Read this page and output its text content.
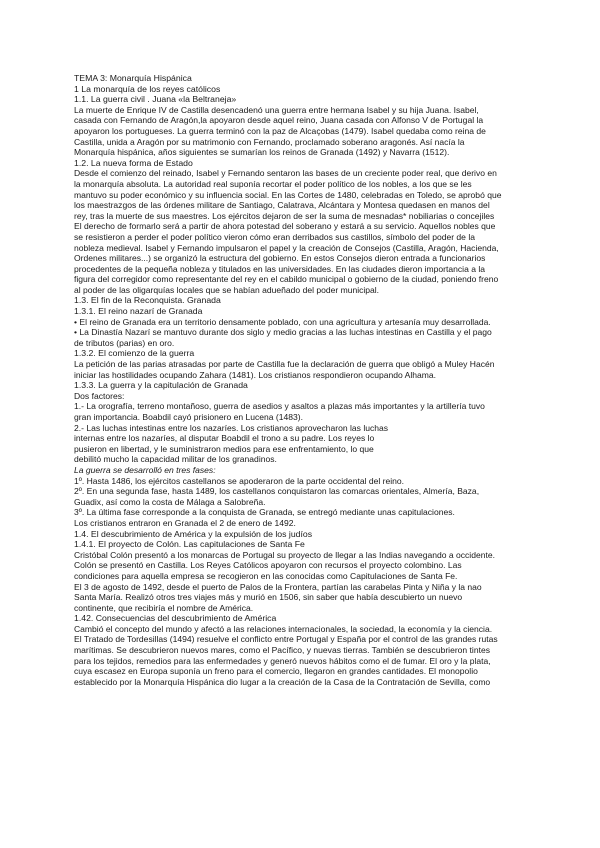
TEMA 3: Monarquía Hispánica

1 La monarquía de los reyes católicos

1.1. La guerra civil . Juana «la Beltraneja»

La muerte de Enrique IV de Castilla desencadenó una guerra entre hermana Isabel y su hija Juana. Isabel,

casada con Fernando de Aragón,la apoyaron desde aquel reino, Juana casada con Alfonso V de Portugal la

apoyaron los portugueses. La guerra terminó con la paz de Alcaçobas (1479). Isabel quedaba como reina de

Castilla, unida a Aragón por su matrimonio con Fernando, proclamado soberano aragonés. Así nacía la

Monarquía hispánica, años siguientes se sumarían los reinos de Granada (1492) y Navarra (1512).

1.2. La nueva forma de Estado

Desde el comienzo del reinado, Isabel y Fernando sentaron las bases de un creciente poder real, que derivo en

la monarquía absoluta. La autoridad real suponía recortar el poder político de los nobles, a los que se les

mantuvo su poder económico y su influencia social. En las Cortes de 1480, celebradas en Toledo, se aprobó que

los maestrazgos de las órdenes militare de Santiago, Calatrava, Alcántara y Montesa quedasen en manos del

rey, tras la muerte de sus maestres. Los ejércitos dejaron de ser la suma de mesnadas* nobiliarias o concejiles

El derecho de formarlo será a partir de ahora potestad del soberano y estará a su servicio. Aquellos nobles que

se resistieron a perder el poder político vieron cómo eran derribados sus castillos, símbolo del poder de la

nobleza medieval. Isabel y Fernando impulsaron el papel y la creación de Consejos (Castilla, Aragón, Hacienda,

Ordenes militares...) se organizó la estructura del gobierno. En estos Consejos dieron entrada a funcionarios

procedentes de la pequeña nobleza y titulados en las universidades. En las ciudades dieron importancia a la

figura del corregidor como representante del rey en el cabildo municipal o gobierno de la ciudad, poniendo freno

al poder de las oligarquías locales que se habían adueñado del poder municipal.

1.3. El fin de la Reconquista. Granada

1.3.1. El reino nazarí de Granada

• El reino de Granada era un territorio densamente poblado, con una agricultura y artesanía muy desarrollada.

• La Dinastía Nazarí se mantuvo durante dos siglo y medio gracias a las luchas intestinas en Castilla y el pago

de tributos (parias) en oro.

1.3.2. El comienzo de la guerra

La petición de las parias atrasadas por parte de Castilla fue la declaración de guerra que obligó a Muley Hacén

iniciar las hostilidades ocupando Zahara (1481). Los cristianos respondieron ocupando Alhama.

1.3.3. La guerra y la capitulación de Granada

Dos factores:

1.- La orografía, terreno montañoso, guerra de asedios y asaltos a plazas más importantes y la artillería tuvo

gran importancia. Boabdil cayó prisionero en Lucena (1483).

2.- Las luchas intestinas entre los nazaríes. Los cristianos aprovecharon las luchas

internas entre los nazaríes, al disputar Boabdil el trono a su padre. Los reyes lo

pusieron en libertad, y le suministraron medios para ese enfrentamiento, lo que

debilitó mucho la capacidad militar de los granadinos.

La guerra se desarrolló en tres fases:

1º. Hasta 1486, los ejércitos castellanos se apoderaron de la parte occidental del reino.

2º. En una segunda fase, hasta 1489, los castellanos conquistaron las comarcas orientales, Almería, Baza,

Guadix, así como la costa de Málaga a Salobreña.

3º. La última fase corresponde a la conquista de Granada, se entregó mediante unas capitulaciones.

Los cristianos entraron en Granada el 2 de enero de 1492.

1.4. El descubrimiento de América y la expulsión de los judíos

1.4.1. El proyecto de Colón. Las capitulaciones de Santa Fe

Cristóbal Colón presentó a los monarcas de Portugal su proyecto de llegar a las Indias navegando a occidente.

Colón se presentó en Castilla. Los Reyes Católicos apoyaron con recursos el proyecto colombino. Las

condiciones para aquella empresa se recogieron en las conocidas como Capitulaciones de Santa Fe.

El 3 de agosto de 1492, desde el puerto de Palos de la Frontera, partían las carabelas Pinta y Niña y la nao

Santa María. Realizó otros tres viajes más y murió en 1506, sin saber que había descubierto un nuevo

continente, que recibiría el nombre de América.

1.42. Consecuencias del descubrimiento de América

Cambió el concepto del mundo y afectó a las relaciones internacionales, la sociedad, la economía y la ciencia.

El Tratado de Tordesillas (1494) resuelve el conflicto entre Portugal y España por el control de las grandes rutas

marítimas. Se descubrieron nuevos mares, como el Pacífico, y nuevas tierras. También se descubrieron tintes

para los tejidos, remedios para las enfermedades y generó nuevos hábitos como el de fumar. El oro y la plata,

cuya escasez en Europa suponía un freno para el comercio, llegaron en grandes cantidades. El monopolio

establecido por la Monarquía Hispánica dio lugar a la creación de la Casa de la Contratación de Sevilla, como
